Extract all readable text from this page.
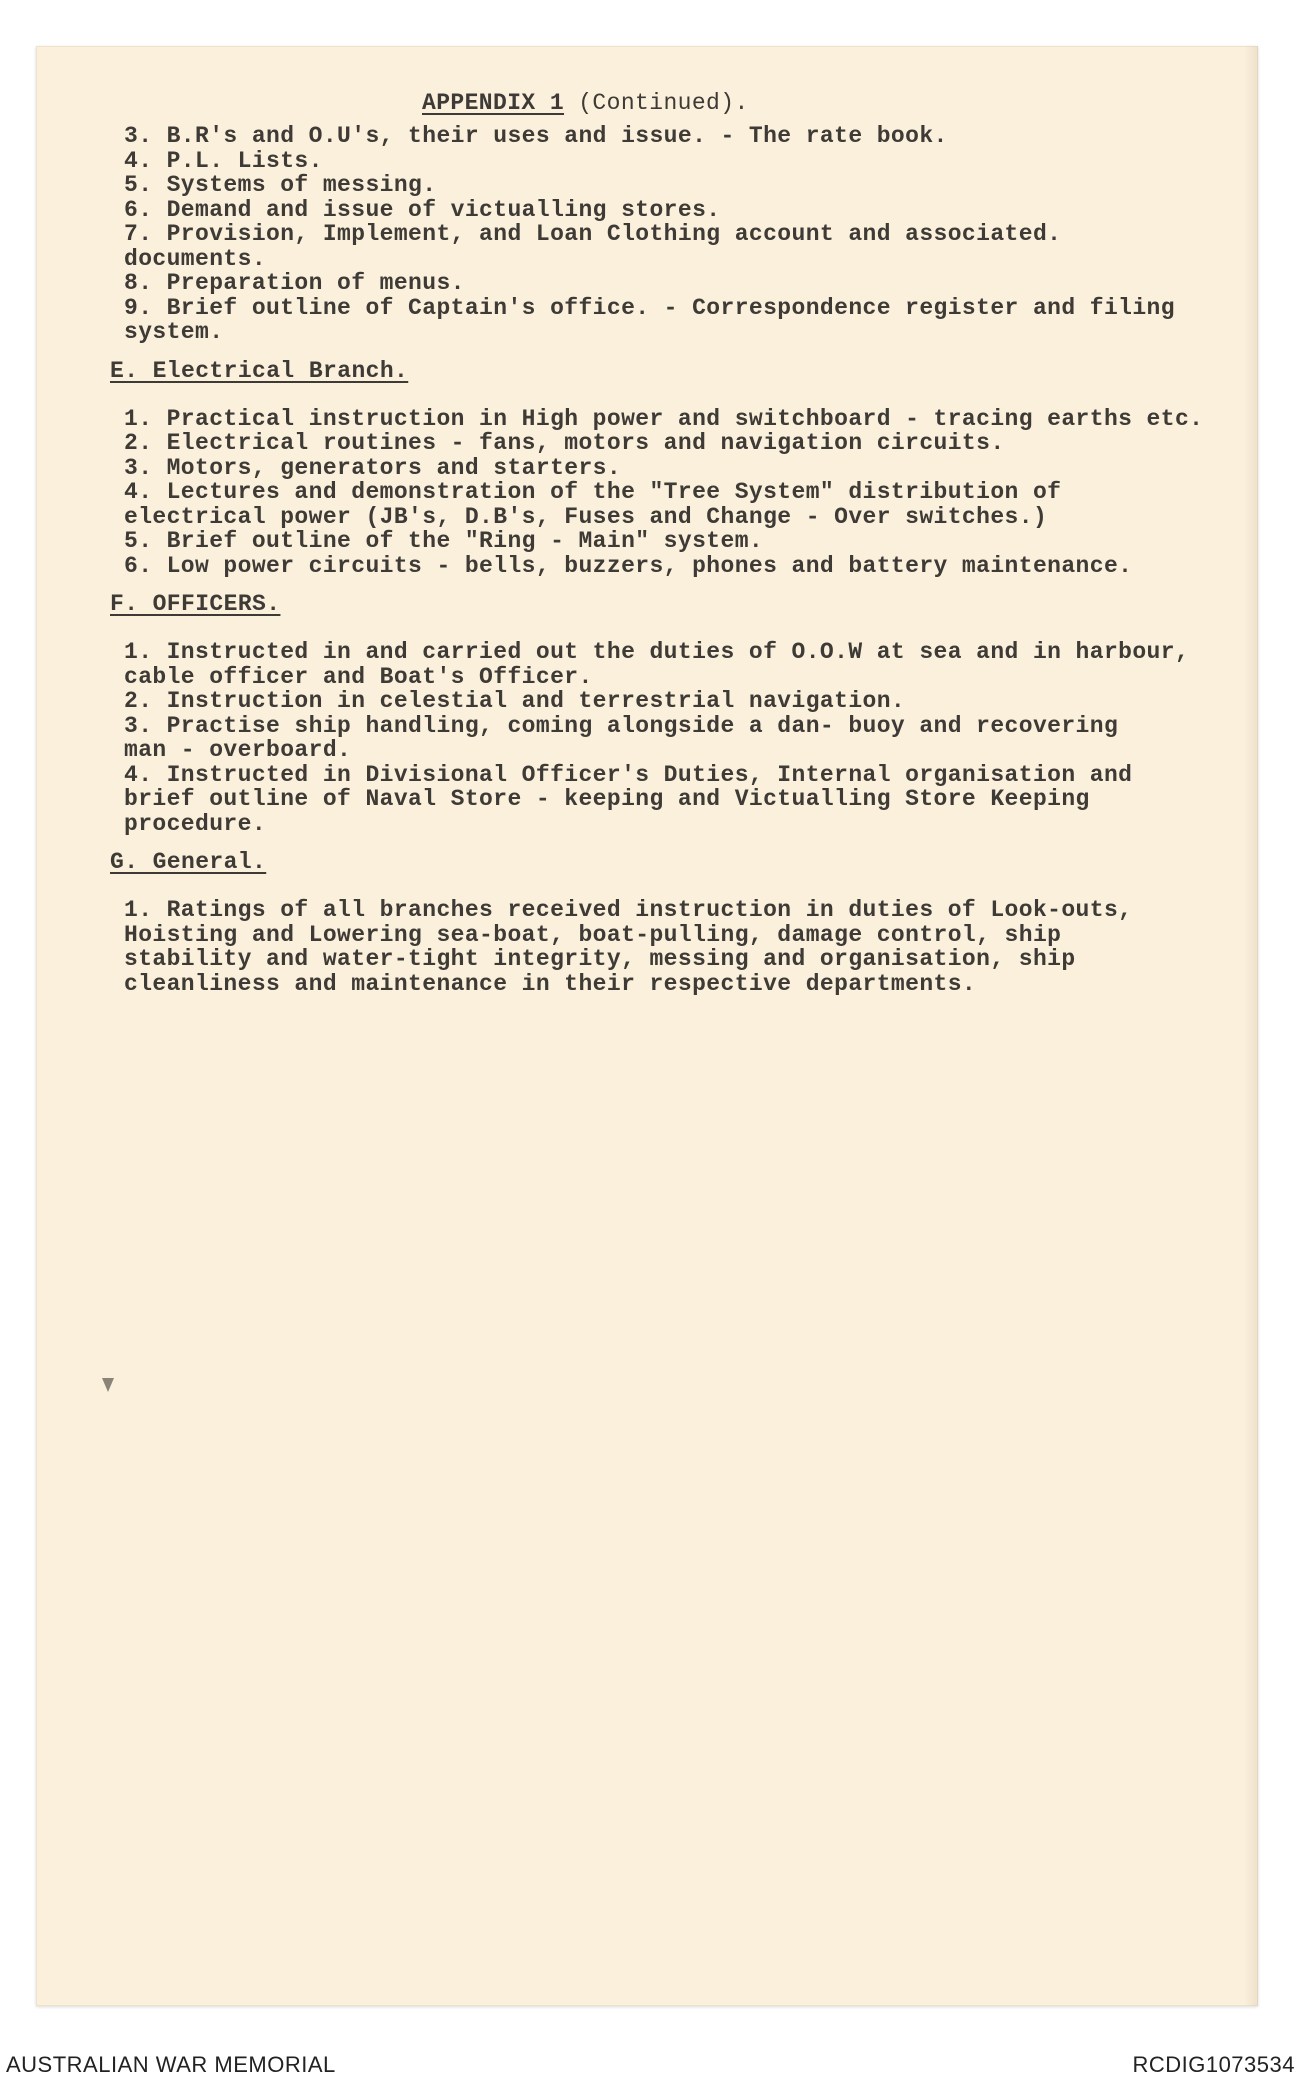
APPENDIX 1 (Continued).
3. B.R's and O.U's, their uses and issue. - The rate book.
4. P.L. Lists.
5. Systems of messing.
6. Demand and issue of victualling stores.
7. Provision, Implement, and Loan Clothing account and associated.
documents.
8. Preparation of menus.
9. Brief outline of Captain's office. - Correspondence register and filing
system.
E. Electrical Branch.
1. Practical instruction in High power and switchboard - tracing earths etc.
2. Electrical routines - fans, motors and navigation circuits.
3. Motors, generators and starters.
4. Lectures and demonstration of the "Tree System" distribution of
electrical power (JB's, D.B's, Fuses and Change - Over switches.)
5. Brief outline of the "Ring - Main" system.
6. Low power circuits - bells, buzzers, phones and battery maintenance.
F. OFFICERS.
1. Instructed in and carried out the duties of O.O.W at sea and in harbour,
cable officer and Boat's Officer.
2. Instruction in celestial and terrestrial navigation.
3. Practise ship handling, coming alongside a dan- buoy and recovering
man - overboard.
4. Instructed in Divisional Officer's Duties, Internal organisation and
brief outline of Naval Store - keeping and Victualling Store Keeping
procedure.
G. General.
1. Ratings of all branches received instruction in duties of Look-outs,
Hoisting and Lowering sea-boat, boat-pulling, damage control, ship
stability and water-tight integrity, messing and organisation, ship
cleanliness and maintenance in their respective departments.
AUSTRALIAN WAR MEMORIAL	RCDIG1073534
